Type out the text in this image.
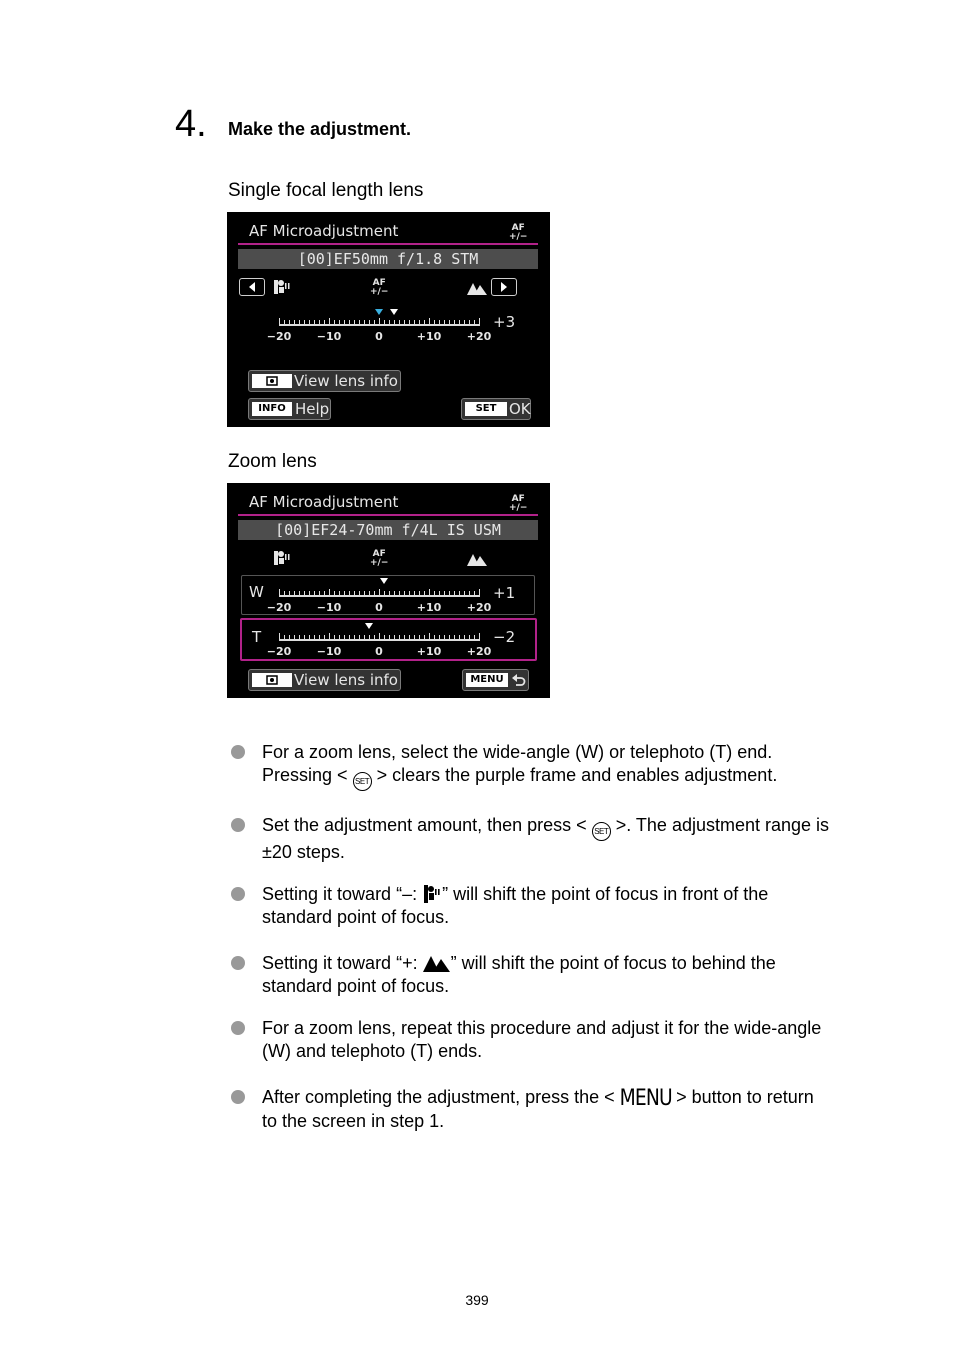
4. Make the adjustment.
Single focal length lens
AF Microadjustment	AF
+/−
[00]EF50mm f/1.8 STM
AF
+/−
+3
−20 −10	0	+10 +20
View lens info
INFO Help	SET OK
Zoom lens
AF Microadjustment	AF
+/−
[00]EF24-70mm f/4L IS USM
AF
+/−
W	+1
−20 −10	0	+10 +20
T	−2
−20 −10	0	+10 +20
View lens info	MENU
For a zoom lens, select the wide-angle (W) or telephoto (T) end.
Pressing < SET > clears the purple frame and enables adjustment.
Set the adjustment amount, then press < SET >. The adjustment range is
±20 steps.
Setting it toward “–: ” will shift the point of focus in front of the
standard point of focus.
Setting it toward “+: ” will shift the point of focus to behind the
standard point of focus.
For a zoom lens, repeat this procedure and adjust it for the wide-angle
(W) and telephoto (T) ends.
After completing the adjustment, press the < MENU > button to return
to the screen in step 1.
399
